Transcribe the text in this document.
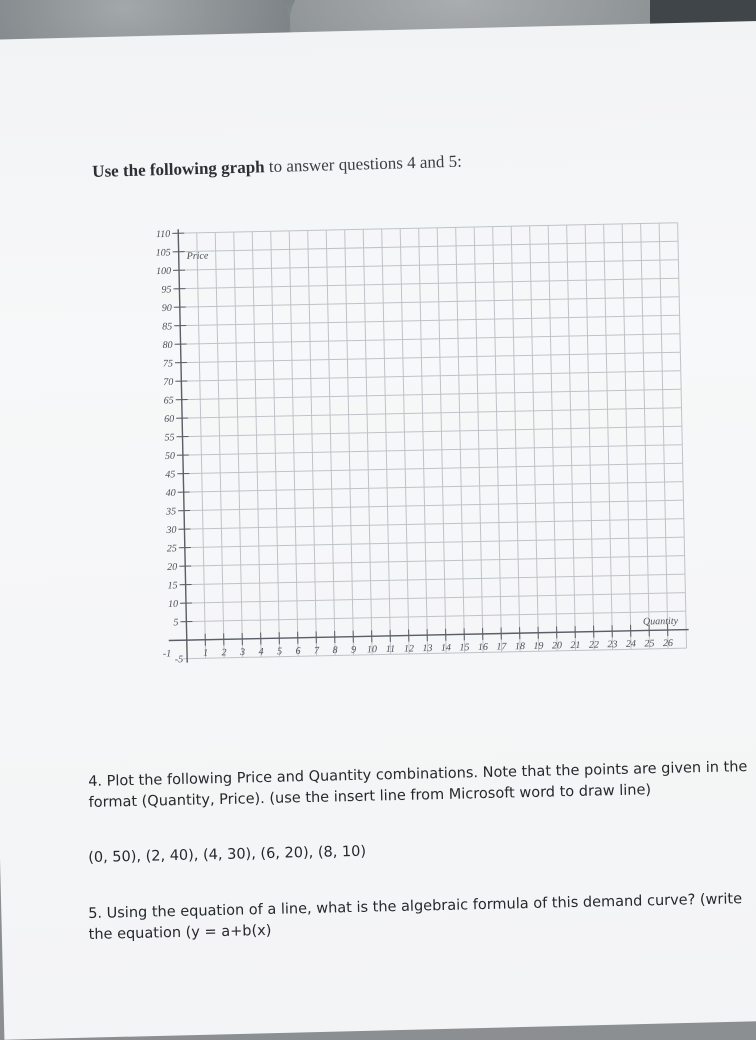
Use the following graph to answer questions 4 and 5:
110
105
100
95
90
85
80
75
70
65
60
55
50
45
40
35
30
25
20
15
10
5
-5
-1	1 2 3 4 5 6 7 8 9 10 11 12 13 14 15 16 17 18 19 20 21 22 23 24 25 26
Price
Quantity
4. Plot the following Price and Quantity combinations. Note that the points are given in the
format (Quantity, Price). (use the insert line from Microsoft word to draw line)
(0, 50), (2, 40), (4, 30), (6, 20), (8, 10)
5. Using the equation of a line, what is the algebraic formula of this demand curve? (write
the equation (y = a+b(x)
